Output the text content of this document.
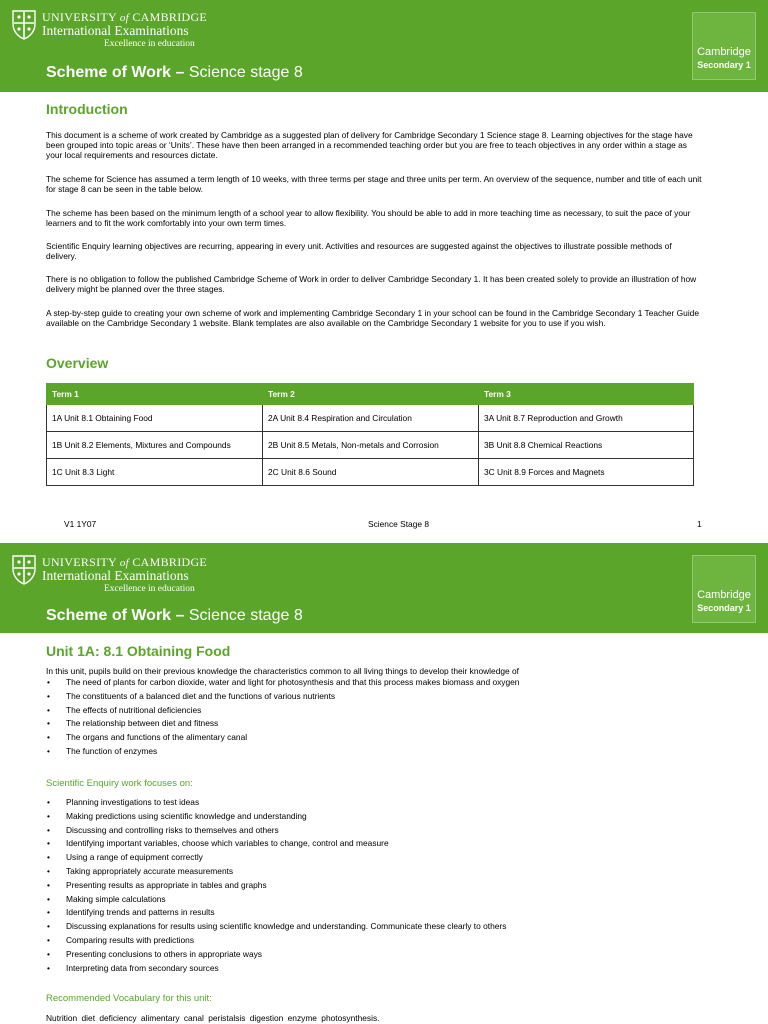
UNIVERSITY of CAMBRIDGE
International Examinations
Excellence in education
Scheme of Work – Science stage 8
Cambridge
Secondary 1
Introduction
This document is a scheme of work created by Cambridge as a suggested plan of delivery for Cambridge Secondary 1 Science stage 8. Learning objectives for the stage have been grouped into topic areas or ‘Units’. These have then been arranged in a recommended teaching order but you are free to teach objectives in any order within a stage as your local requirements and resources dictate.
The scheme for Science has assumed a term length of 10 weeks, with three terms per stage and three units per term. An overview of the sequence, number and title of each unit for stage 8 can be seen in the table below.
The scheme has been based on the minimum length of a school year to allow flexibility. You should be able to add in more teaching time as necessary, to suit the pace of your learners and to fit the work comfortably into your own term times.
Scientific Enquiry learning objectives are recurring, appearing in every unit. Activities and resources are suggested against the objectives to illustrate possible methods of delivery.
There is no obligation to follow the published Cambridge Scheme of Work in order to deliver Cambridge Secondary 1. It has been created solely to provide an illustration of how delivery might be planned over the three stages.
A step-by-step guide to creating your own scheme of work and implementing Cambridge Secondary 1 in your school can be found in the Cambridge Secondary 1 Teacher Guide available on the Cambridge Secondary 1 website. Blank templates are also available on the Cambridge Secondary 1 website for you to use if you wish.
Overview
Term 1	Term 2	Term 3
1A Unit 8.1 Obtaining Food	2A Unit 8.4 Respiration and Circulation	3A Unit 8.7 Reproduction and Growth
1B Unit 8.2 Elements, Mixtures and Compounds	2B Unit 8.5 Metals, Non-metals and Corrosion	3B Unit 8.8 Chemical Reactions
1C Unit 8.3 Light	2C Unit 8.6 Sound	3C Unit 8.9 Forces and Magnets
V1 1Y07	Science Stage 8	1
UNIVERSITY of CAMBRIDGE
International Examinations
Excellence in education
Scheme of Work – Science stage 8
Cambridge
Secondary 1
Unit 1A: 8.1 Obtaining Food
In this unit, pupils build on their previous knowledge the characteristics common to all living things to develop their knowledge of
• The need of plants for carbon dioxide, water and light for photosynthesis and that this process makes biomass and oxygen
• The constituents of a balanced diet and the functions of various nutrients
• The effects of nutritional deficiencies
• The relationship between diet and fitness
• The organs and functions of the alimentary canal
• The function of enzymes
Scientific Enquiry work focuses on:
• Planning investigations to test ideas
• Making predictions using scientific knowledge and understanding
• Discussing and controlling risks to themselves and others
• Identifying important variables, choose which variables to change, control and measure
• Using a range of equipment correctly
• Taking appropriately accurate measurements
• Presenting results as appropriate in tables and graphs
• Making simple calculations
• Identifying trends and patterns in results
• Discussing explanations for results using scientific knowledge and understanding. Communicate these clearly to others
• Comparing results with predictions
• Presenting conclusions to others in appropriate ways
• Interpreting data from secondary sources
Recommended Vocabulary for this unit:
Nutrition diet deficiency alimentary canal peristalsis digestion enzyme photosynthesis.
